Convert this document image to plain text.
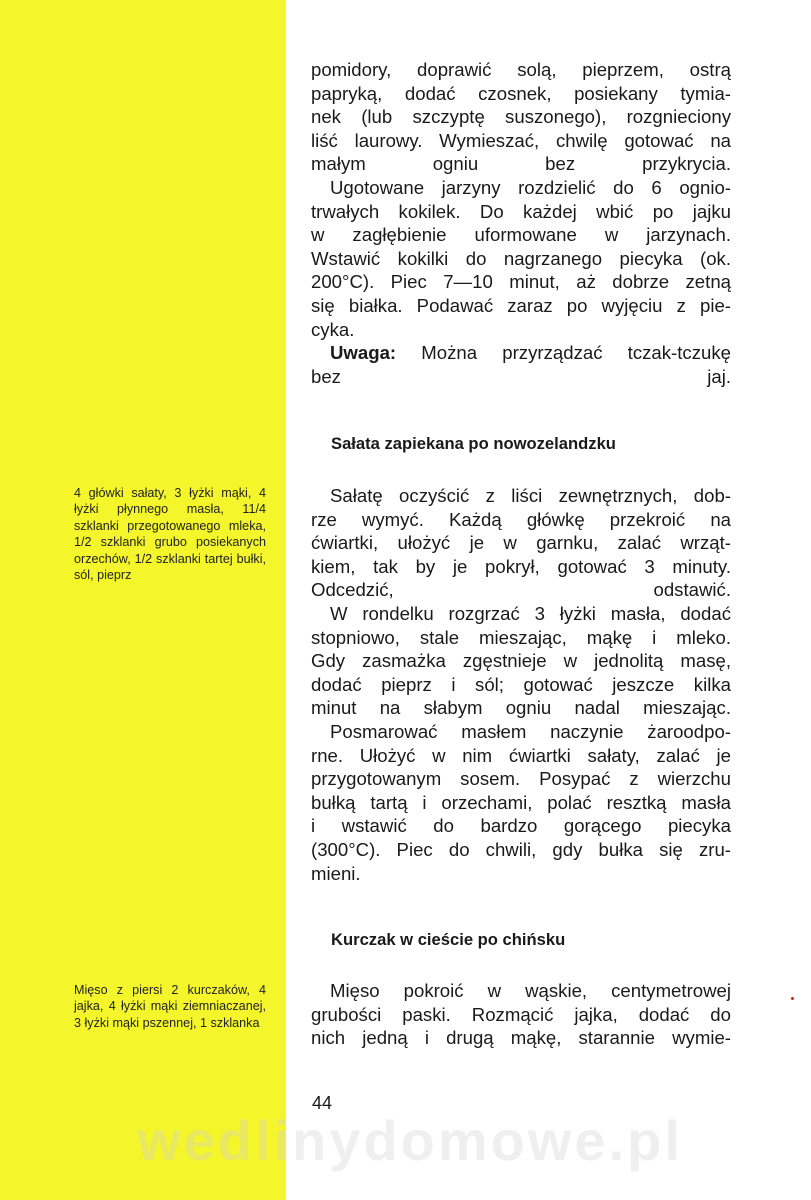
4 główki sałaty, 3 łyżki mąki, 4 łyżki płynnego masła, 11/4 szklanki przegotowanego mleka, 1/2 szklanki grubo posiekanych orzechów, 1/2 szklanki tartej bułki, sól, pieprz
Mięso z piersi 2 kurczaków, 4 jajka, 4 łyżki mąki ziemniaczanej, 3 łyżki mąki pszennej, 1 szklanka

pomidory, doprawić solą, pieprzem, ostrą
papryką, dodać czosnek, posiekany tymia-
nek (lub szczyptę suszonego), rozgnieciony
liść laurowy. Wymieszać, chwilę gotować na
małym ogniu bez przykrycia.

Ugotowane jarzyny rozdzielić do 6 ognio-
trwałych kokilek. Do każdej wbić po jajku
w zagłębienie uformowane w jarzynach.
Wstawić kokilki do nagrzanego piecyka (ok.
200°C). Piec 7—10 minut, aż dobrze zetną
się białka. Podawać zaraz po wyjęciu z pie-
cyka.

Uwaga: Można przyrządzać tczak-tczukę
bez jaj.

Sałata zapiekana po nowozelandzku

Sałatę oczyścić z liści zewnętrznych, dob-
rze wymyć. Każdą główkę przekroić na
ćwiartki, ułożyć je w garnku, zalać wrząt-
kiem, tak by je pokrył, gotować 3 minuty.
Odcedzić, odstawić.

W rondelku rozgrzać 3 łyżki masła, dodać
stopniowo, stale mieszając, mąkę i mleko.
Gdy zasmażka zgęstnieje w jednolitą masę,
dodać pieprz i sól; gotować jeszcze kilka
minut na słabym ogniu nadal mieszając.

Posmarować masłem naczynie żaroodpo-
rne. Ułożyć w nim ćwiartki sałaty, zalać je
przygotowanym sosem. Posypać z wierzchu
bułką tartą i orzechami, polać resztką masła
i wstawić do bardzo gorącego piecyka
(300°C). Piec do chwili, gdy bułka się zru-
mieni.

Kurczak w cieście po chińsku

Mięso pokroić w wąskie, centymetrowej
grubości paski. Rozmącić jajka, dodać do
nich jedną i drugą mąkę, starannie wymie-

44
wedlinydomowe.pl
